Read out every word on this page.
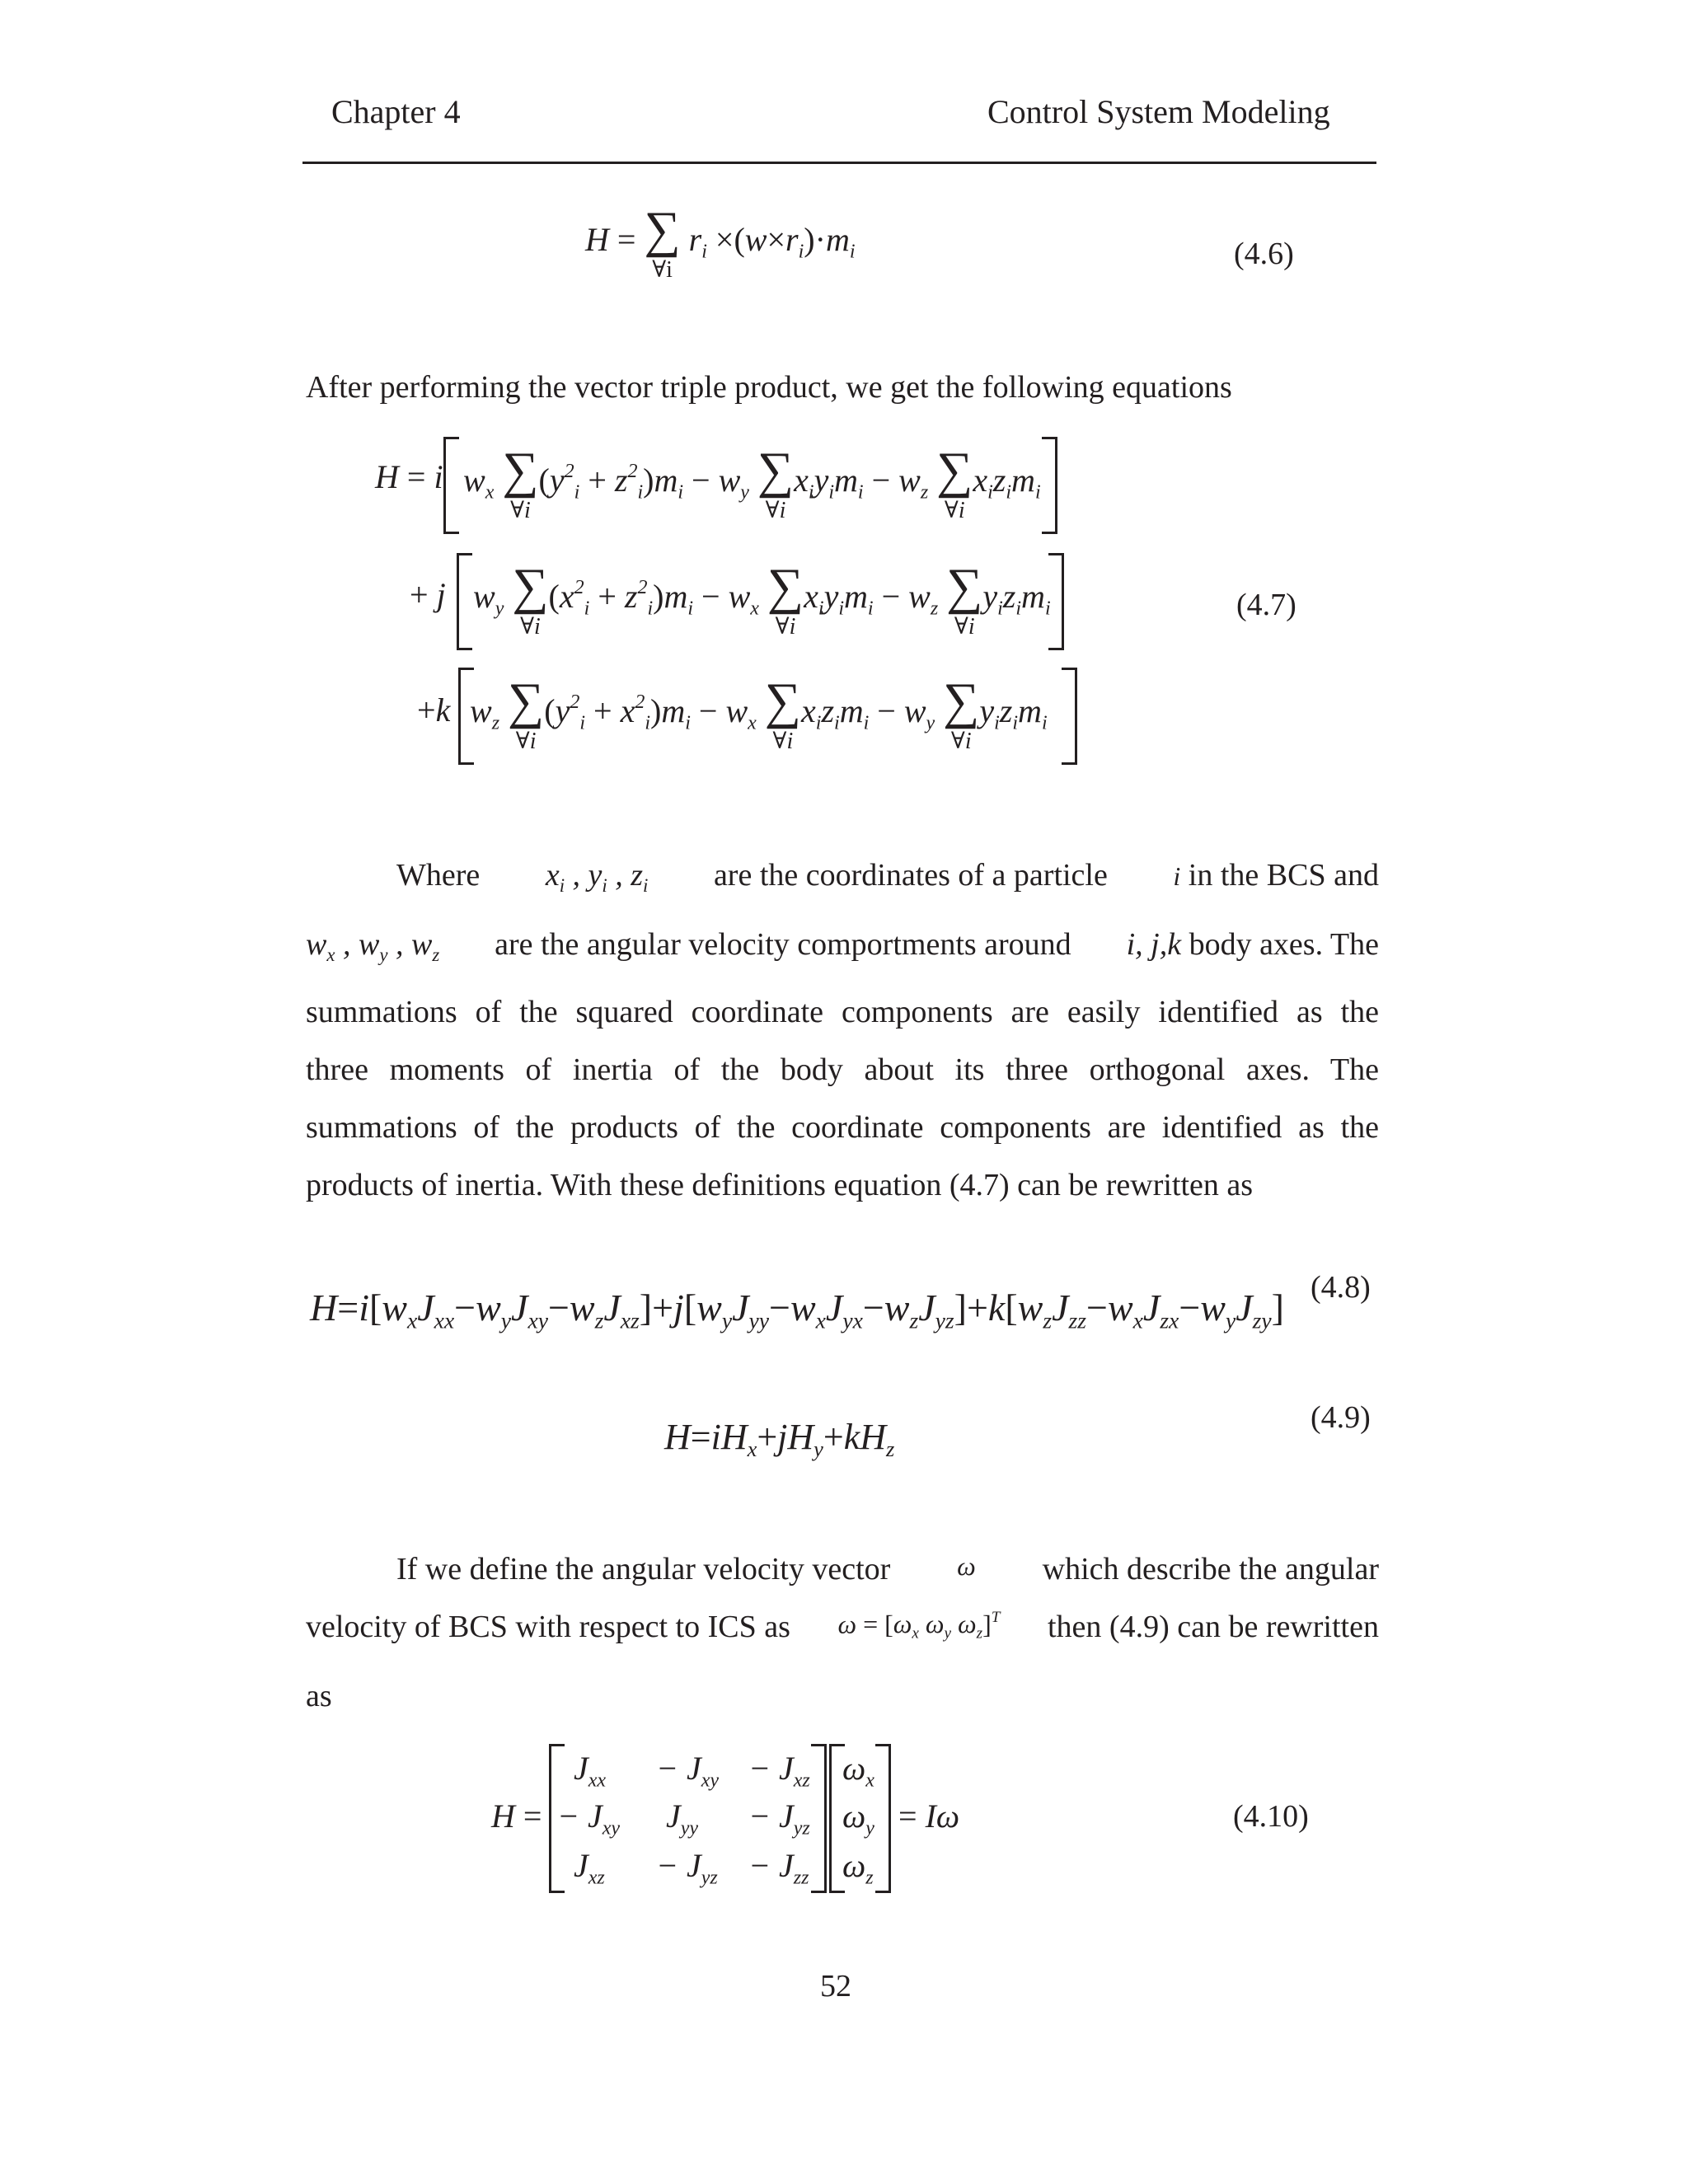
Chapter 4	Control System Modeling
H = ∑
∀i
$r_i \times(w\times r_i)\cdot m_i$	(4.6)
After performing the vector triple product, we get the following equations
H = i $w_x$ ∑
∀i
$(y^2_i + z^2_i)m_i - w_y$ ∑
∀i
$x_iy_im_i - w_z$ ∑
∀i
$x_iz_im_i$
+ j $w_y$ ∑
∀i
$(x^2_i + z^2_i)m_i - w_x$ ∑
∀i
$x_iy_im_i - w_z$ ∑
∀i
$y_iz_im_i$
+k $w_z$ ∑
∀i
$(y^2_i + x^2_i)m_i - w_x$ ∑
∀i
$x_iz_im_i - w_y$ ∑
∀i
$y_iz_im_i$
(4.7)
Where $x_i$ , $y_i$ , $z_i$ are the coordinates of a particle i in the BCS and
$w_x$ , $w_y$ , $w_z$ are the angular velocity comportments around i, j,k body axes. The
summations of the squared coordinate components are easily identified as the
three moments of inertia of the body about its three orthogonal axes. The
summations of the products of the coordinate components are identified as the
products of inertia. With these definitions equation (4.7) can be rewritten as
$H=i[w_xJ_{xx}-w_yJ_{xy}-w_zJ_{xz}]+j[w_yJ_{yy}-w_xJ_{yx}-w_zJ_{yz}]+k[w_zJ_{zz}-w_xJ_{zx}-w_yJ_{zy}]$ (4.8)
$H=iH_x+jH_y+kH_z$
(4.9)
If we define the angular velocity vector	ω which describe the angular
velocity of BCS with respect to ICS as $\omega = [\omega_x$ $\omega_y$ $\omega_z]^T$ then (4.9) can be rewritten
as
H =
$J_{xx} - J_{xy} - J_{xz}$
− $J_{xy}$ $J_{yy} - J_{yz}$
$J_{xz} - J_{yz} - J_{zz}$
$\omega_x$
$\omega_y$
$\omega_z$
= Iω	(4.10)
52
